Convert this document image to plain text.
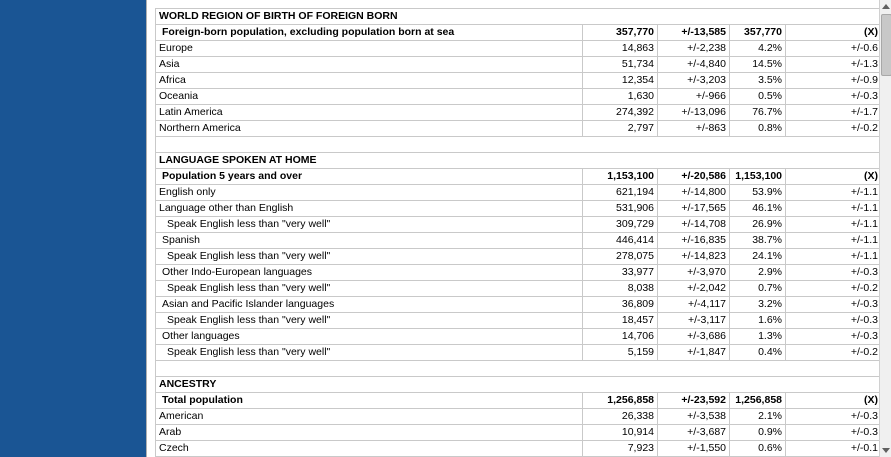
WORLD REGION OF BIRTH OF FOREIGN BORN				
Foreign-born population, excluding population born at sea	357,770	+/-13,585	357,770	(X)
Europe	14,863	+/-2,238	4.2%	+/-0.6
Asia	51,734	+/-4,840	14.5%	+/-1.3
Africa	12,354	+/-3,203	3.5%	+/-0.9
Oceania	1,630	+/-966	0.5%	+/-0.3
Latin America	274,392	+/-13,096	76.7%	+/-1.7
Northern America	2,797	+/-863	0.8%	+/-0.2

LANGUAGE SPOKEN AT HOME				
Population 5 years and over	1,153,100	+/-20,586	1,153,100	(X)
English only	621,194	+/-14,800	53.9%	+/-1.1
Language other than English	531,906	+/-17,565	46.1%	+/-1.1
Speak English less than "very well"	309,729	+/-14,708	26.9%	+/-1.1
Spanish	446,414	+/-16,835	38.7%	+/-1.1
Speak English less than "very well"	278,075	+/-14,823	24.1%	+/-1.1
Other Indo-European languages	33,977	+/-3,970	2.9%	+/-0.3
Speak English less than "very well"	8,038	+/-2,042	0.7%	+/-0.2
Asian and Pacific Islander languages	36,809	+/-4,117	3.2%	+/-0.3
Speak English less than "very well"	18,457	+/-3,117	1.6%	+/-0.3
Other languages	14,706	+/-3,686	1.3%	+/-0.3
Speak English less than "very well"	5,159	+/-1,847	0.4%	+/-0.2

ANCESTRY				
Total population	1,256,858	+/-23,592	1,256,858	(X)
American	26,338	+/-3,538	2.1%	+/-0.3
Arab	10,914	+/-3,687	0.9%	+/-0.3
Czech	7,923	+/-1,550	0.6%	+/-0.1
